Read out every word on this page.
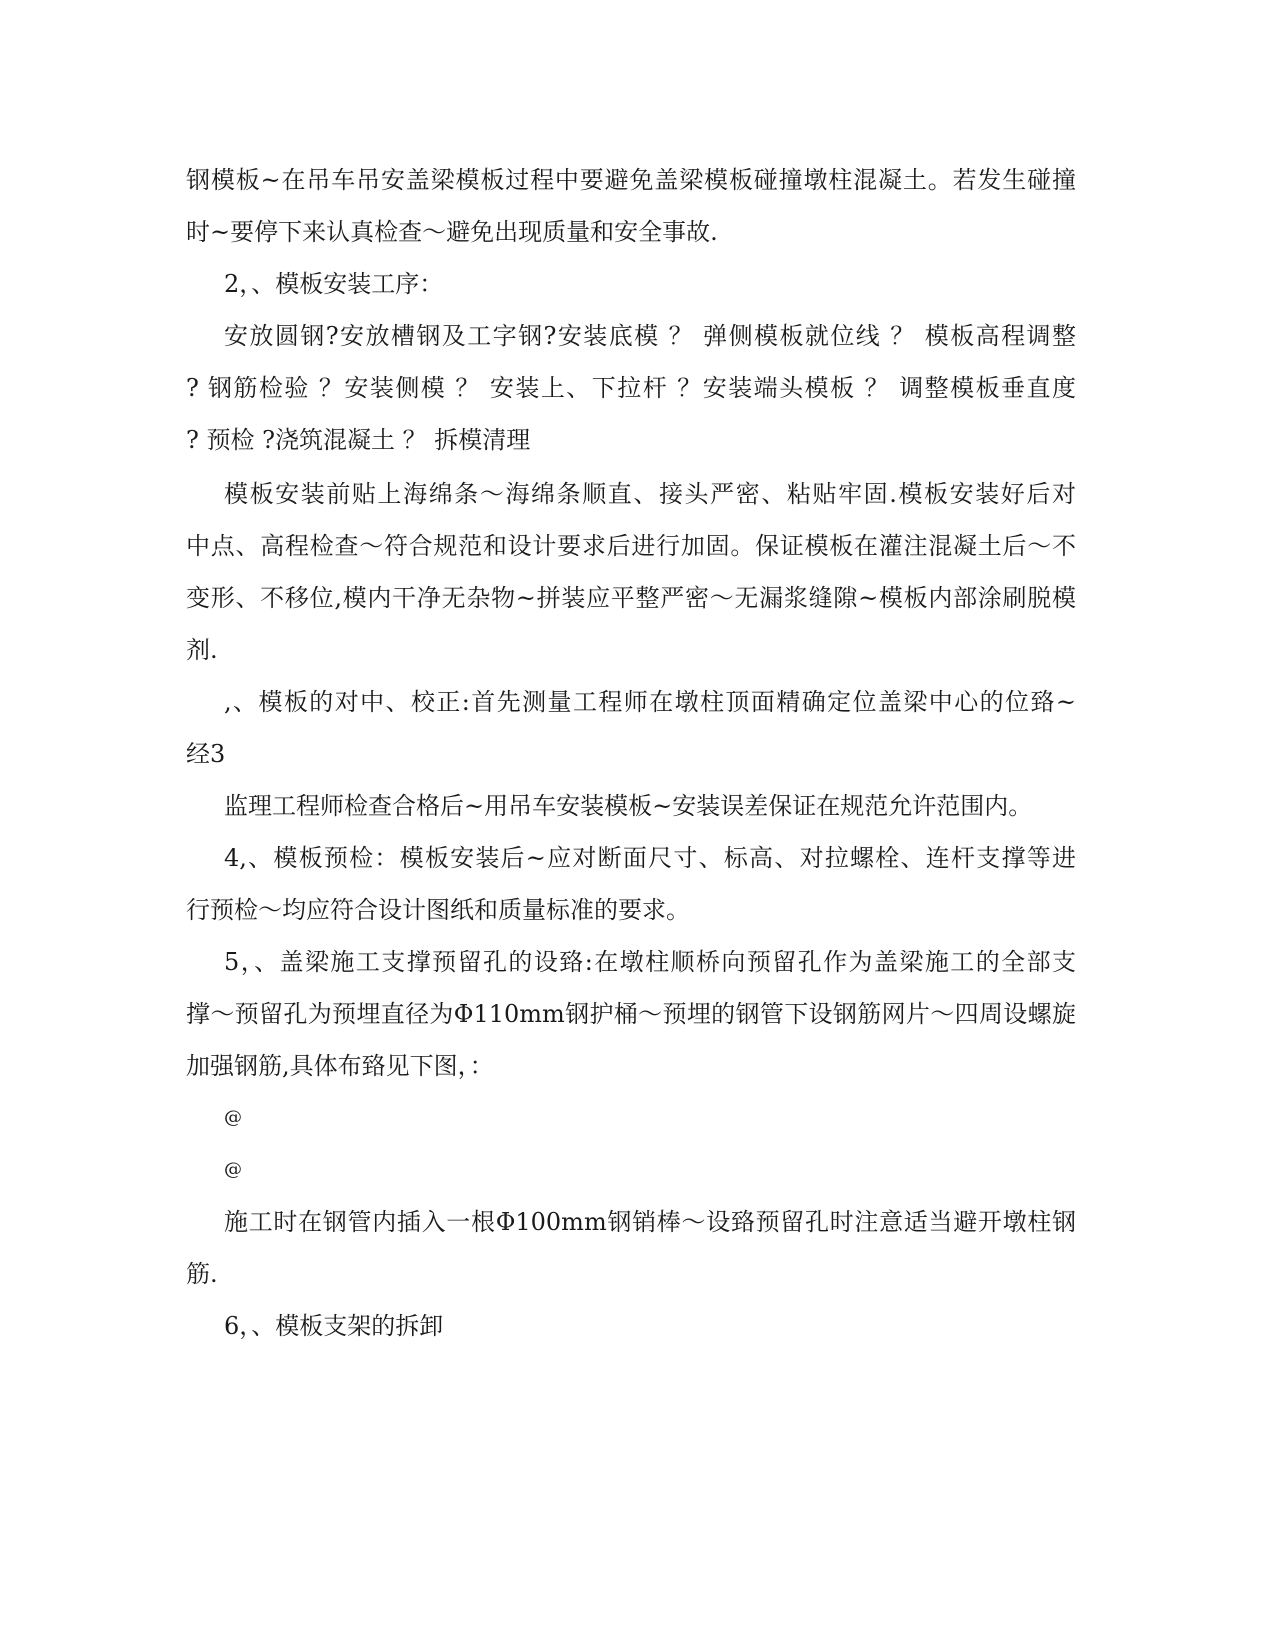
钢模板~在吊车吊安盖梁模板过程中要避免盖梁模板碰撞墩柱混凝土。若发生碰撞
时~要停下来认真检查～避免出现质量和安全事故.
2，、模板安装工序：
安放圆钢?安放槽钢及工字钢?安装底模 ？ 弹侧模板就位线 ？ 模板高程调整
? 钢筋检验 ？安装侧模 ？ 安装上、下拉杆 ？安装端头模板 ？ 调整模板垂直度
? 预检 ?浇筑混凝土 ？ 拆模清理
模板安装前贴上海绵条～海绵条顺直、接头严密、粘贴牢固.模板安装好后对
中点、高程检查～符合规范和设计要求后进行加固。保证模板在灌注混凝土后～不
变形、不移位,模内干净无杂物~拼装应平整严密～无漏浆缝隙~模板内部涂刷脱模
剂.
,、模板的对中、校正:首先测量工程师在墩柱顶面精确定位盖梁中心的位臵~
经3
监理工程师检查合格后~用吊车安装模板~安装误差保证在规范允许范围内。
4,、模板预检：模板安装后~应对断面尺寸、标高、对拉螺栓、连杆支撑等进
行预检～均应符合设计图纸和质量标准的要求。
5，、盖梁施工支撑预留孔的设臵:在墩柱顺桥向预留孔作为盖梁施工的全部支
撑～预留孔为预埋直径为Φ110mm钢护桶～预埋的钢管下设钢筋网片～四周设螺旋
加强钢筋,具体布臵见下图，：
@
@
施工时在钢管内插入一根Φ100mm钢销棒～设臵预留孔时注意适当避开墩柱钢
筋.
6，、模板支架的拆卸
